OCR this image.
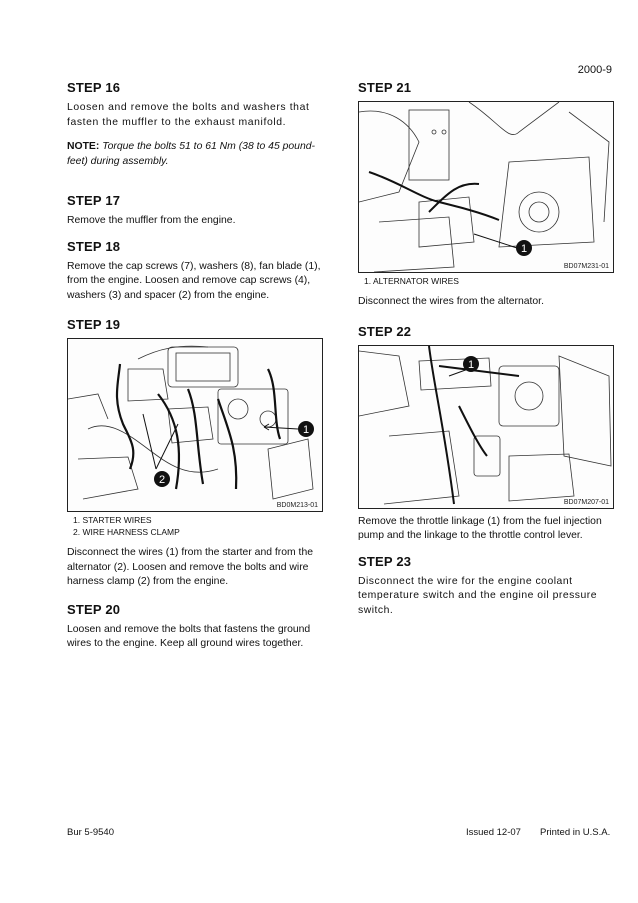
2000-9
STEP 16

Loosen and remove the bolts and washers that fasten the muffler to the exhaust manifold.

NOTE: Torque the bolts 51 to 61 Nm (38 to 45 pound-feet) during assembly.

STEP 17

Remove the muffler from the engine.

STEP 18

Remove the cap screws (7), washers (8), fan blade (1), from the engine. Loosen and remove cap screws (4), washers (3) and spacer (2) from the engine.

STEP 19
1
2
BD0M213-01
1. STARTER WIRES
2. WIRE HARNESS CLAMP

Disconnect the wires (1) from the starter and from the alternator (2). Loosen and remove the bolts and wire harness clamp (2) from the engine.

STEP 20

Loosen and remove the bolts that fastens the ground wires to the engine. Keep all ground wires together.

STEP 21
1
BD07M231-01
1. ALTERNATOR WIRES

Disconnect the wires from the alternator.

STEP 22
1
BD07M207-01

Remove the throttle linkage (1) from the fuel injection pump and the linkage to the throttle control lever.

STEP 23

Disconnect the wire for the engine coolant temperature switch and the engine oil pressure switch.

Bur 5-9540	Issued 12-07 Printed in U.S.A.
